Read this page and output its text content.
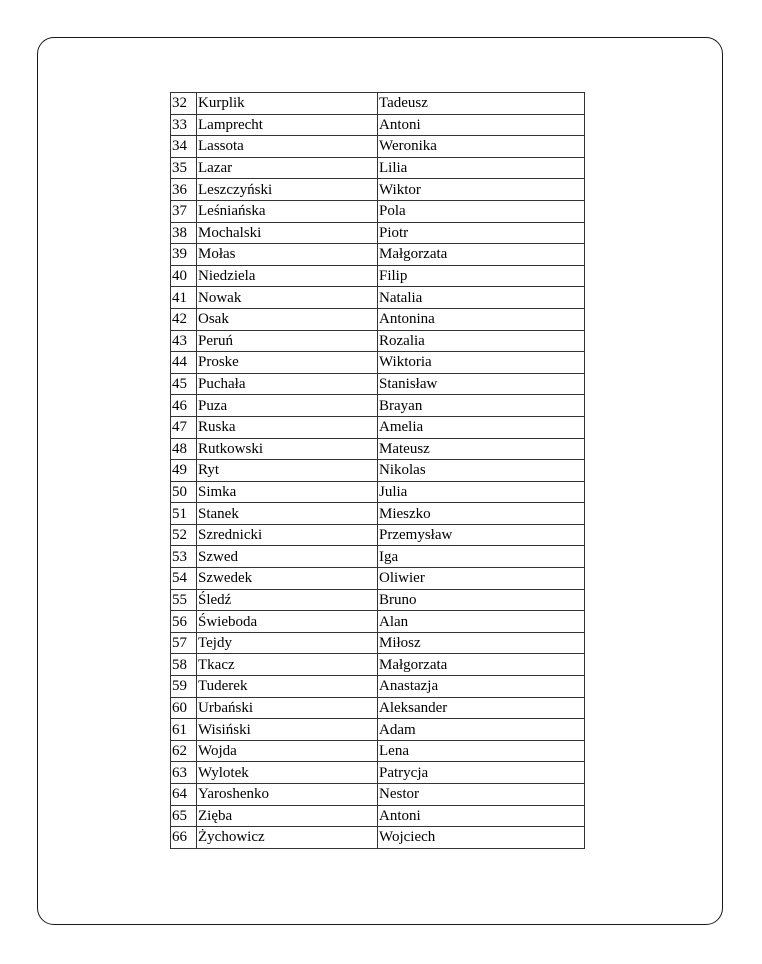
32	Kurplik	Tadeusz
33	Lamprecht	Antoni
34	Lassota	Weronika
35	Lazar	Lilia
36	Leszczyński	Wiktor
37	Leśniańska	Pola
38	Mochalski	Piotr
39	Mołas	Małgorzata
40	Niedziela	Filip
41	Nowak	Natalia
42	Osak	Antonina
43	Peruń	Rozalia
44	Proske	Wiktoria
45	Puchała	Stanisław
46	Puza	Brayan
47	Ruska	Amelia
48	Rutkowski	Mateusz
49	Ryt	Nikolas
50	Simka	Julia
51	Stanek	Mieszko
52	Szrednicki	Przemysław
53	Szwed	Iga
54	Szwedek	Oliwier
55	Śledź	Bruno
56	Świeboda	Alan
57	Tejdy	Miłosz
58	Tkacz	Małgorzata
59	Tuderek	Anastazja
60	Urbański	Aleksander
61	Wisiński	Adam
62	Wojda	Lena
63	Wylotek	Patrycja
64	Yaroshenko	Nestor
65	Zięba	Antoni
66	Żychowicz	Wojciech
